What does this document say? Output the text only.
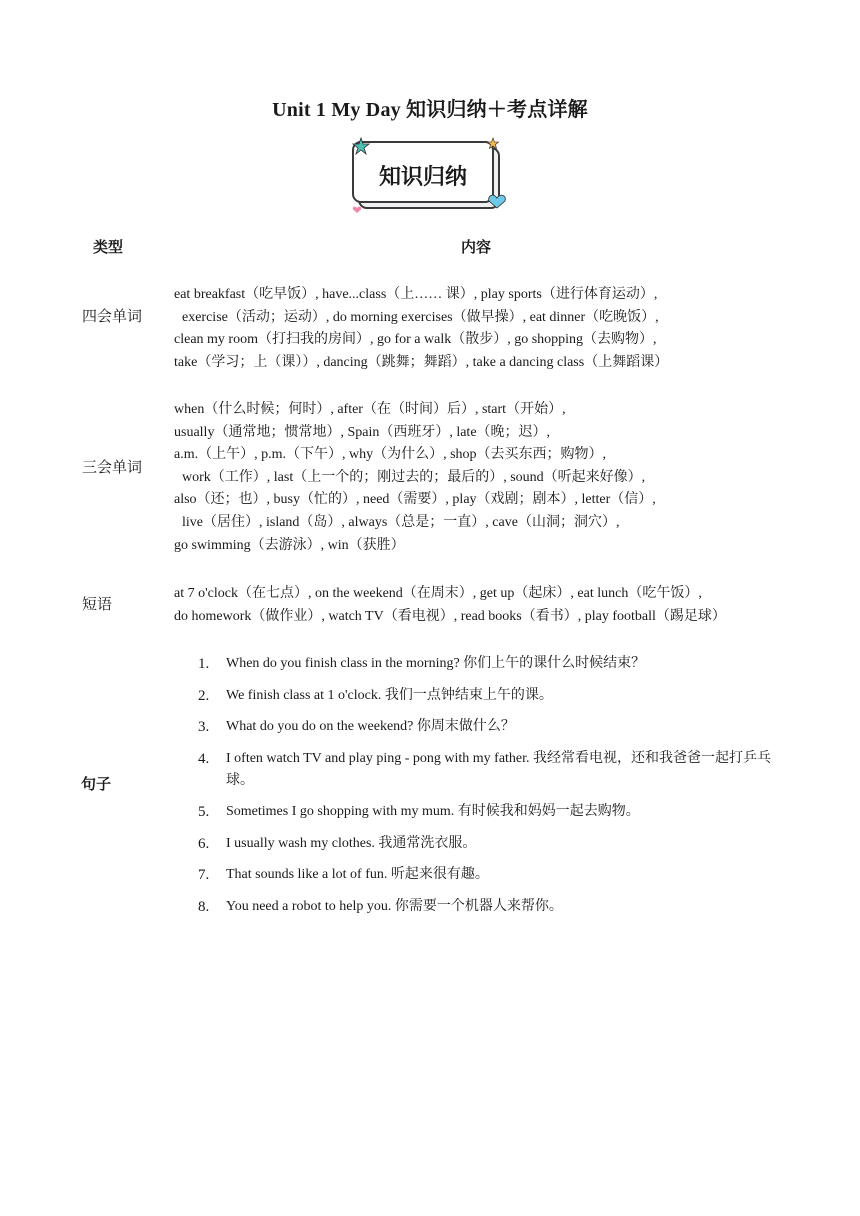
Unit 1 My Day 知识归纳＋考点详解
知识归纳
类型	内容
四会单词
eat breakfast（吃早饭）, have...class（上…… 课）, play sports（进行体育运动）,
exercise（活动；运动）, do morning exercises（做早操）, eat dinner（吃晚饭）,
clean my room（打扫我的房间）, go for a walk（散步）, go shopping（去购物）,
take（学习；上（课））, dancing（跳舞；舞蹈）, take a dancing class（上舞蹈课）
三会单词
when（什么时候；何时）, after（在（时间）后）, start（开始）,
usually（通常地；惯常地）, Spain（西班牙）, late（晚；迟）,
a.m.（上午）, p.m.（下午）, why（为什么）, shop（去买东西；购物）,
work（工作）, last（上一个的；刚过去的；最后的）, sound（听起来好像）,
also（还；也）, busy（忙的）, need（需要）, play（戏剧；剧本）, letter（信）,
live（居住）, island（岛）, always（总是；一直）, cave（山洞；洞穴）,
go swimming（去游泳）, win（获胜）
短语
at 7 o'clock（在七点）, on the weekend（在周末）, get up（起床）, eat lunch（吃午饭）,
do homework（做作业）, watch TV（看电视）, read books（看书）, play football（踢足球）
句子
1. When do you finish class in the morning? 你们上午的课什么时候结束？
2. We finish class at 1 o'clock. 我们一点钟结束上午的课。
3. What do you do on the weekend? 你周末做什么？
4. I often watch TV and play ping - pong with my father. 我经常看电视，还和我爸爸一起打乒乓球。
5. Sometimes I go shopping with my mum. 有时候我和妈妈一起去购物。
6. I usually wash my clothes. 我通常洗衣服。
7. That sounds like a lot of fun. 听起来很有趣。
8. You need a robot to help you. 你需要一个机器人来帮你。
